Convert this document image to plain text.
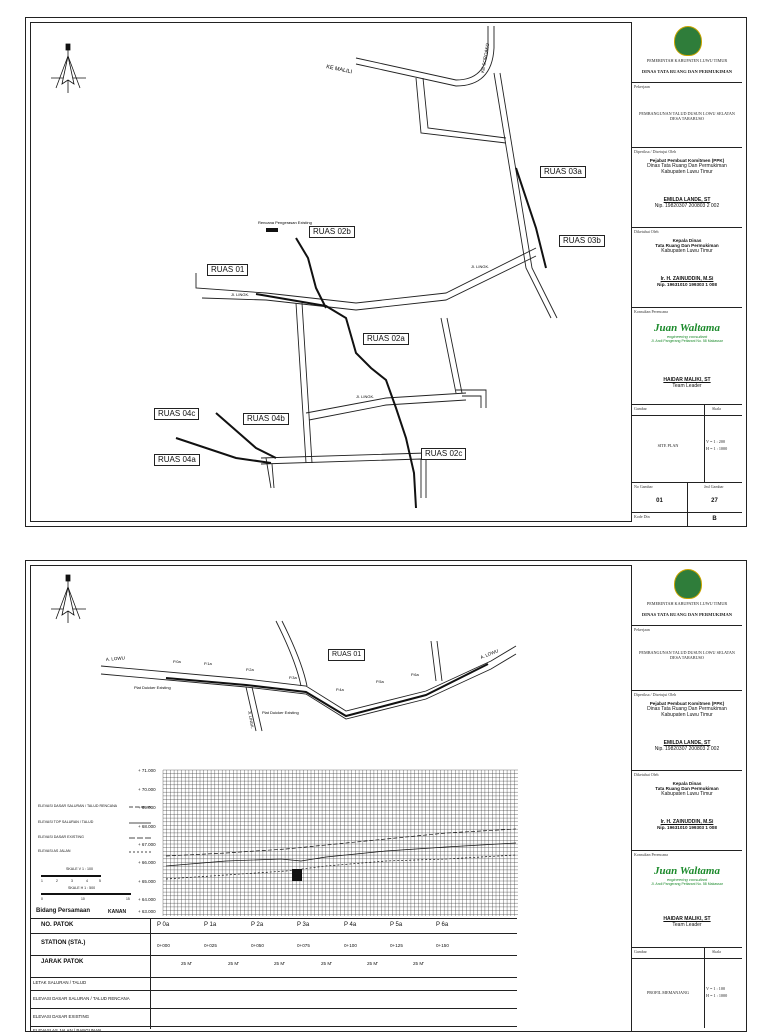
Rencana Pengerasan Existing
KE MALILI	KE SOROAKO
Jl. LINGK.
Jl. LINGK.
Jl. LINGK.
RUAS 01
RUAS 02a
RUAS 02b
RUAS 02c
RUAS 03a
RUAS 03b
RUAS 04a
RUAS 04b
RUAS 04c
PEMERINTAH KABUPATEN LUWU TIMUR
DINAS TATA RUANG DAN PERMUKIMAN
Pekerjaan
PEMBANGUNAN TALUD DUSUN LOWU SELATAN DESA TARABUSO
Diperiksa / Disetujui Oleh
Pejabat Pembuat Komitmen (PPK)
Dinas Tata Ruang Dan Permukiman
Kabupaten Luwu Timur
EMILDA LANDE, ST
Nip. 19820307 200803 2 002
Diketahui Oleh
Kepala Dinas
Tata Ruang Dan Permukiman
Kabupaten Luwu Timur
Ir. H. ZAINUDDIN, M.Si
Nip. 19631010 199303 1 008
Konsultan Perencana
Juan Waltama
engineering consultant
Jl. Andi Pangerang Pettarani No. 58 Makassar
HAIDAR MALIKI, ST
Team Leader
Gambar	Skala
SITE PLAN
V = 1 : 200
H = 1 : 1000
No Gambar	Jml Gambar
01	27
Kode Dtn	B
A. LOWU	A. LOWU
Jl. LINGK.
Plat Duicker Existing
Plat Duicker Existing
P.0a	P.1a
P.2a
P.3a
P.4a
P.5a
P.6a
RUAS 01
+ 71.000
+ 70.000
+ 69.000
+ 68.000
+ 67.000
+ 66.000
+ 65.000
+ 64.000
+ 63.000
ELEVASI DASAR SALURAN / TALUD RENCANA
ELEVASI TOP SALURAN / TALUD
ELEVASI DASAR EXISTING
ELEVASI AS JALAN
SKALE V 1 : 100
SKALE H 1 : 500
1	2	3	4	5
0	10	15
Bidang Persamaan	KANAN
NO. PATOK
STATION (STA.)
JARAK PATOK
LETAK SALURAN / TALUD
ELEVASI DASAR SALURAN / TALUD RENCANA
ELEVASI DASAR EXISTING
ELEVASI AS JALAN / BANGUNAN
P 0a	P 1a	P 2a	P 3a	P 4a	P 5a	P 6a
0+000	0+025	0+050	0+075	0+100	0+125	0+150
25 M'	25 M'	25 M'	25 M'	25 M'	25 M'
PEMERINTAH KABUPATEN LUWU TIMUR
DINAS TATA RUANG DAN PERMUKIMAN
Pekerjaan
PEMBANGUNAN TALUD DUSUN LOWU SELATAN DESA TARABUSO
Diperiksa / Disetujui Oleh
Pejabat Pembuat Komitmen (PPK)
Dinas Tata Ruang Dan Permukiman
Kabupaten Luwu Timur
EMILDA LANDE, ST
Nip. 19820307 200803 2 002
Diketahui Oleh
Kepala Dinas
Tata Ruang Dan Permukiman
Kabupaten Luwu Timur
Ir. H. ZAINUDDIN, M.Si
Nip. 19631010 199303 1 008
Konsultan Perencana
Juan Waltama
engineering consultant
Jl. Andi Pangerang Pettarani No. 58 Makassar
HAIDAR MALIKI, ST
Team Leader
Gambar	Skala
PROFIL MEMANJANG
V = 1 : 100
H = 1 : 1000
